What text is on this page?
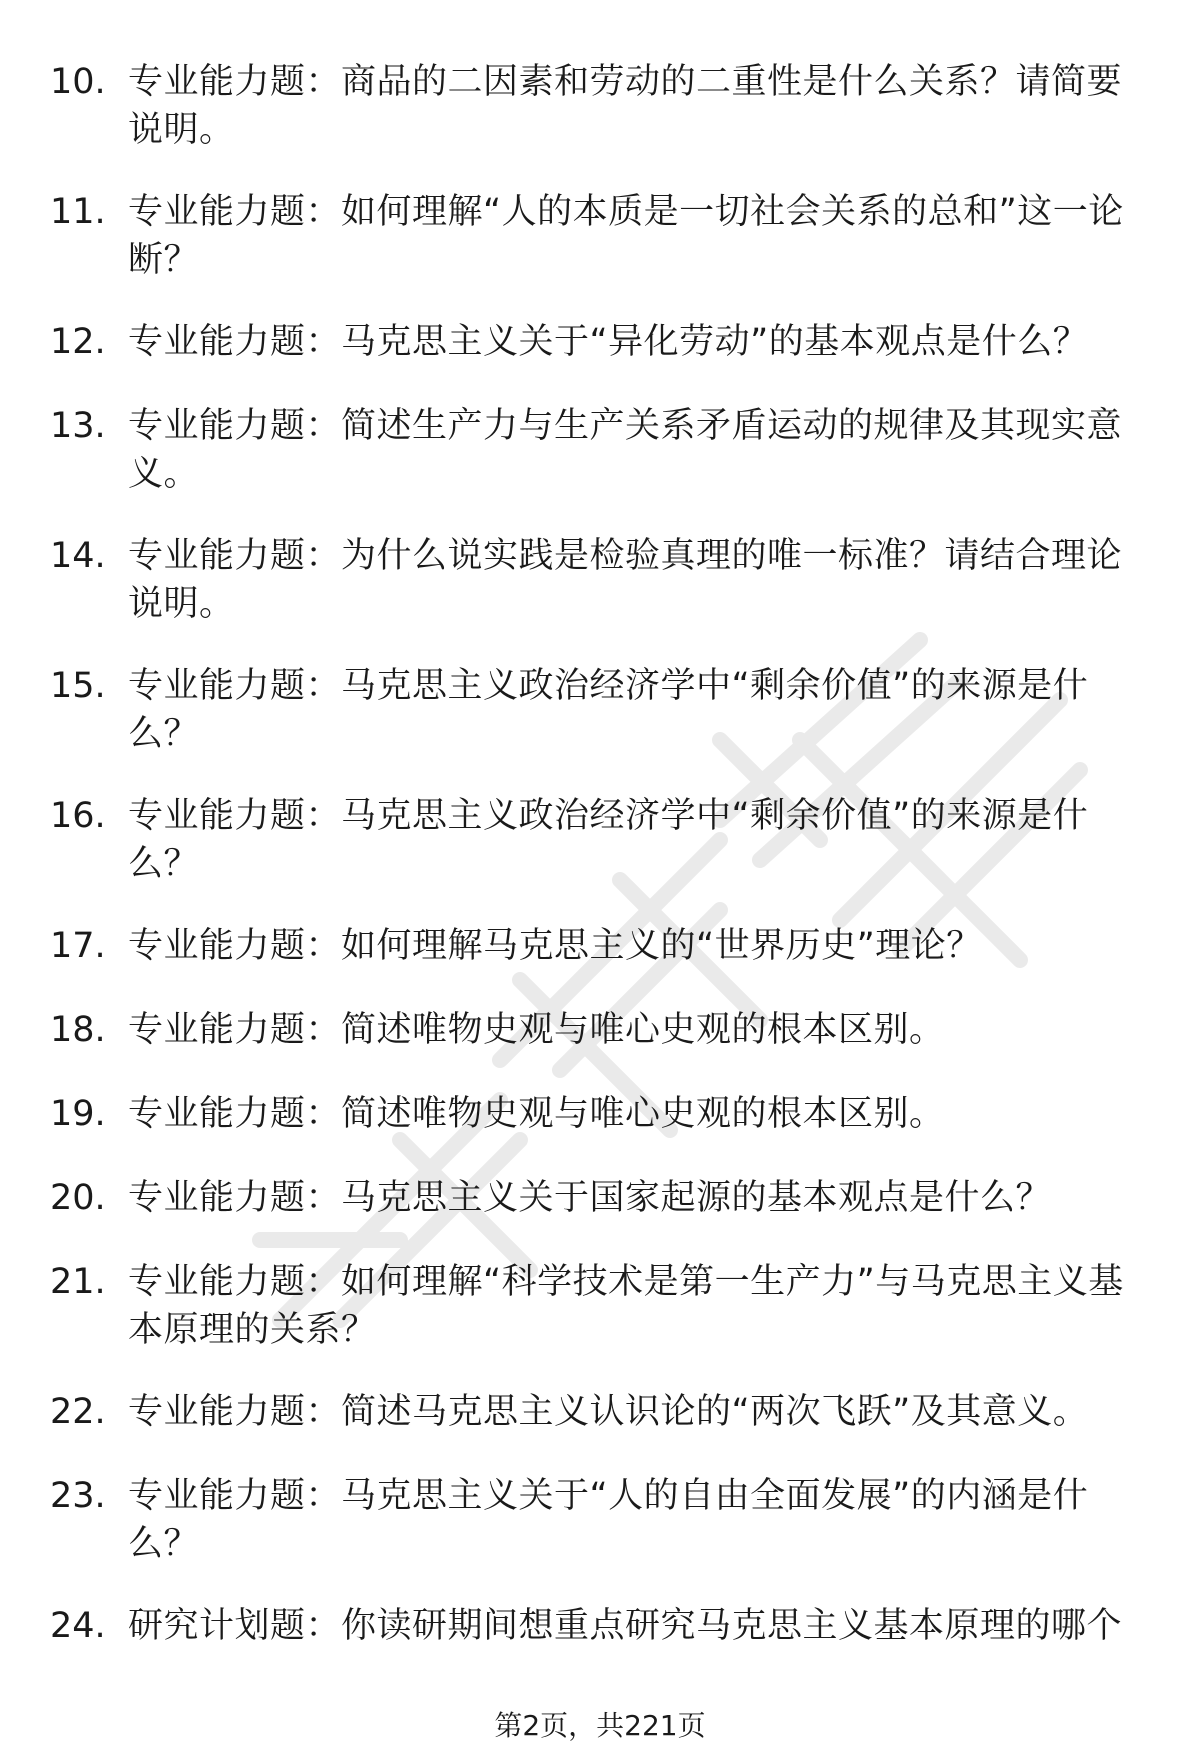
10. 专业能力题：商品的二因素和劳动的二重性是什么关系？请简要说明。
11. 专业能力题：如何理解“人的本质是一切社会关系的总和”这一论断？
12. 专业能力题：马克思主义关于“异化劳动”的基本观点是什么？
13. 专业能力题：简述生产力与生产关系矛盾运动的规律及其现实意义。
14. 专业能力题：为什么说实践是检验真理的唯一标准？请结合理论说明。
15. 专业能力题：马克思主义政治经济学中“剩余价值”的来源是什么？
16. 专业能力题：马克思主义政治经济学中“剩余价值”的来源是什么？
17. 专业能力题：如何理解马克思主义的“世界历史”理论？
18. 专业能力题：简述唯物史观与唯心史观的根本区别。
19. 专业能力题：简述唯物史观与唯心史观的根本区别。
20. 专业能力题：马克思主义关于国家起源的基本观点是什么？
21. 专业能力题：如何理解“科学技术是第一生产力”与马克思主义基本原理的关系？
22. 专业能力题：简述马克思主义认识论的“两次飞跃”及其意义。
23. 专业能力题：马克思主义关于“人的自由全面发展”的内涵是什么？
24. 研究计划题：你读研期间想重点研究马克思主义基本原理的哪个
第2页，共221页
